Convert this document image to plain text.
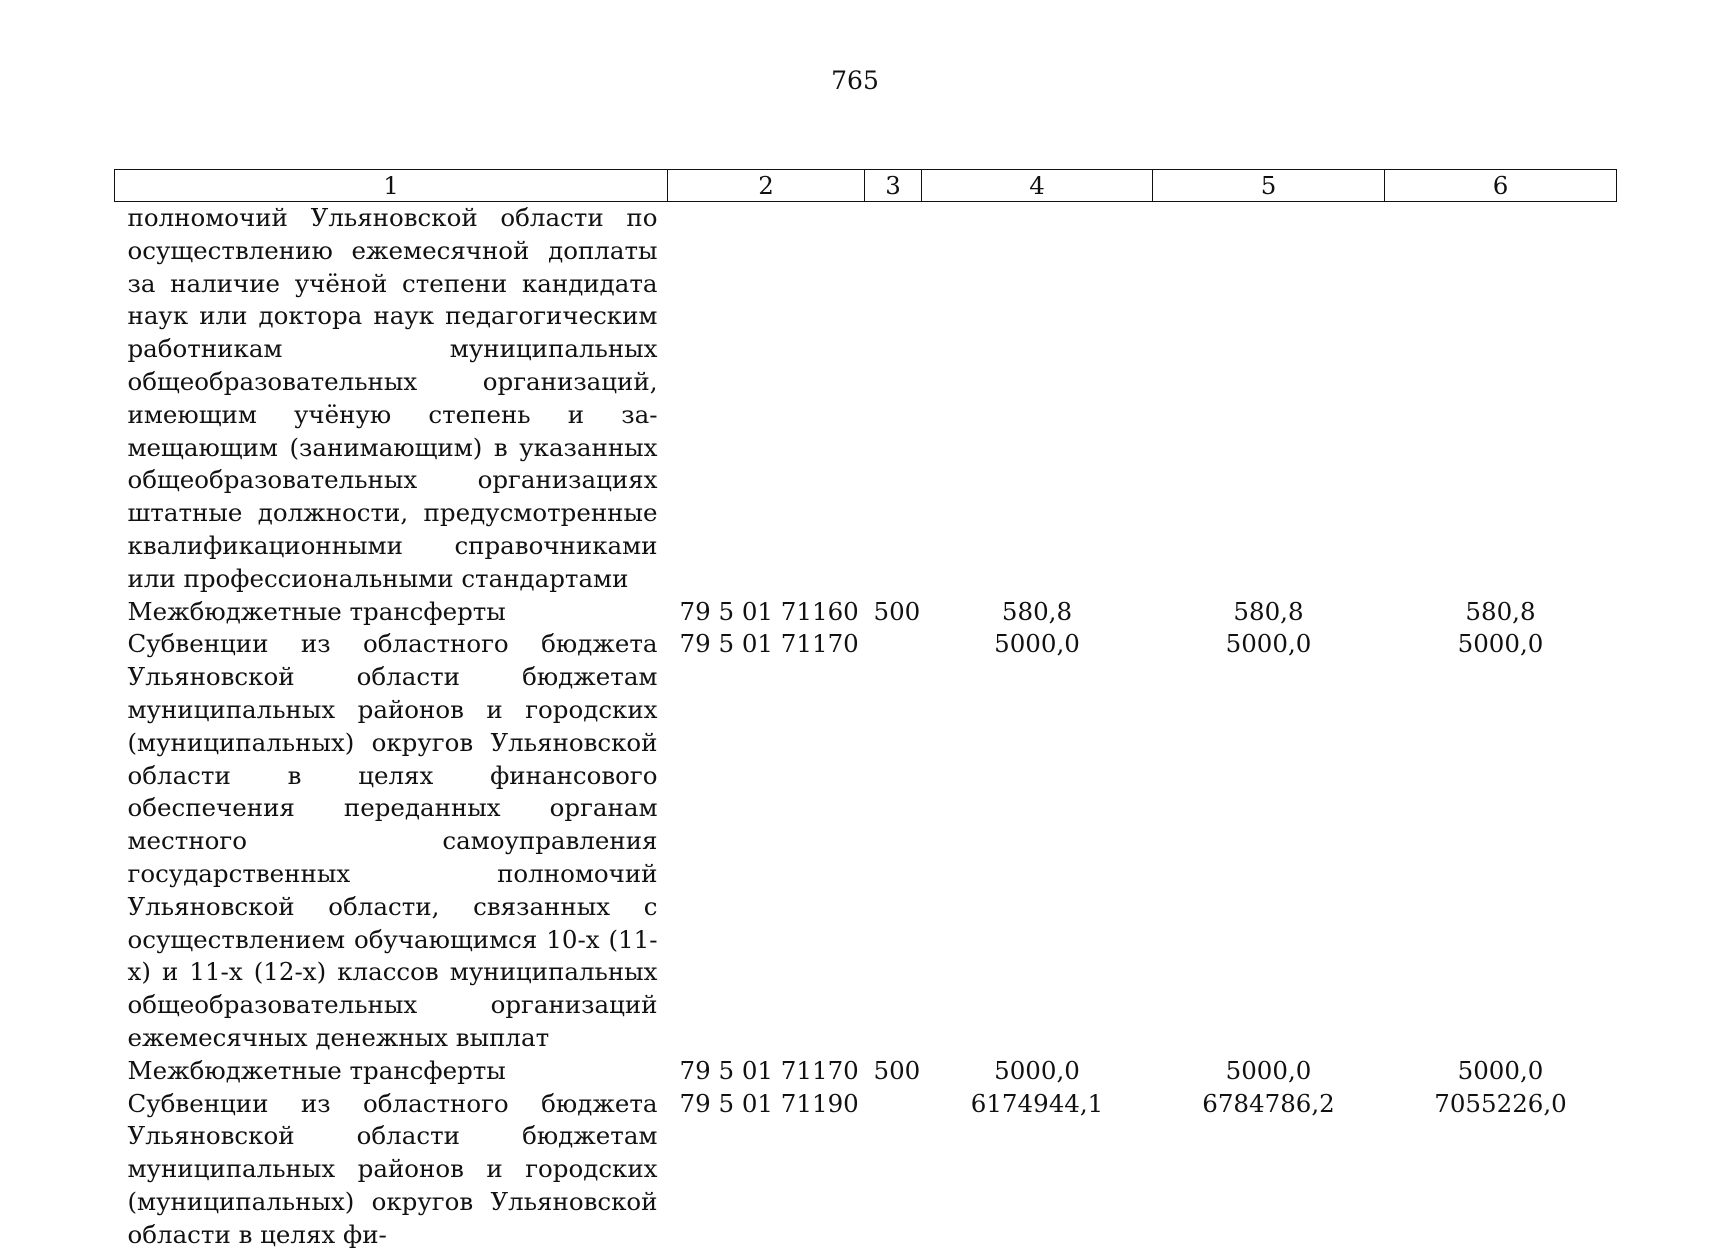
765
1	2	3	4	5	6
полномочий Ульяновской области по осуществлению ежемесячной доплаты за наличие учёной степени кандидата наук или доктора наук педагогическим работникам муниципальных общеобразовательных организаций, имеющим учёную степень и замещающим (занимающим) в указанных общеобразовательных организациях штатные должности, предусмотренные квалификационными справочниками или профессиональными стандартами					
Межбюджетные трансферты	79 5 01 71160	500	580,8	580,8	580,8
Субвенции из областного бюджета Ульяновской области бюджетам муниципальных районов и городских (муниципальных) округов Ульяновской области в целях финансового обеспечения переданных органам местного самоуправления государственных полномочий Ульяновской области, связанных с осуществлением обучающимся 10-х (11-х) и 11-х (12-х) классов муниципальных общеобразовательных организаций ежемесячных денежных выплат	79 5 01 71170		5000,0	5000,0	5000,0
Межбюджетные трансферты	79 5 01 71170	500	5000,0	5000,0	5000,0
Субвенции из областного бюджета Ульяновской области бюджетам муниципальных районов и городских (муниципальных) округов Ульяновской области в целях фи-	79 5 01 71190		6174944,1	6784786,2	7055226,0
